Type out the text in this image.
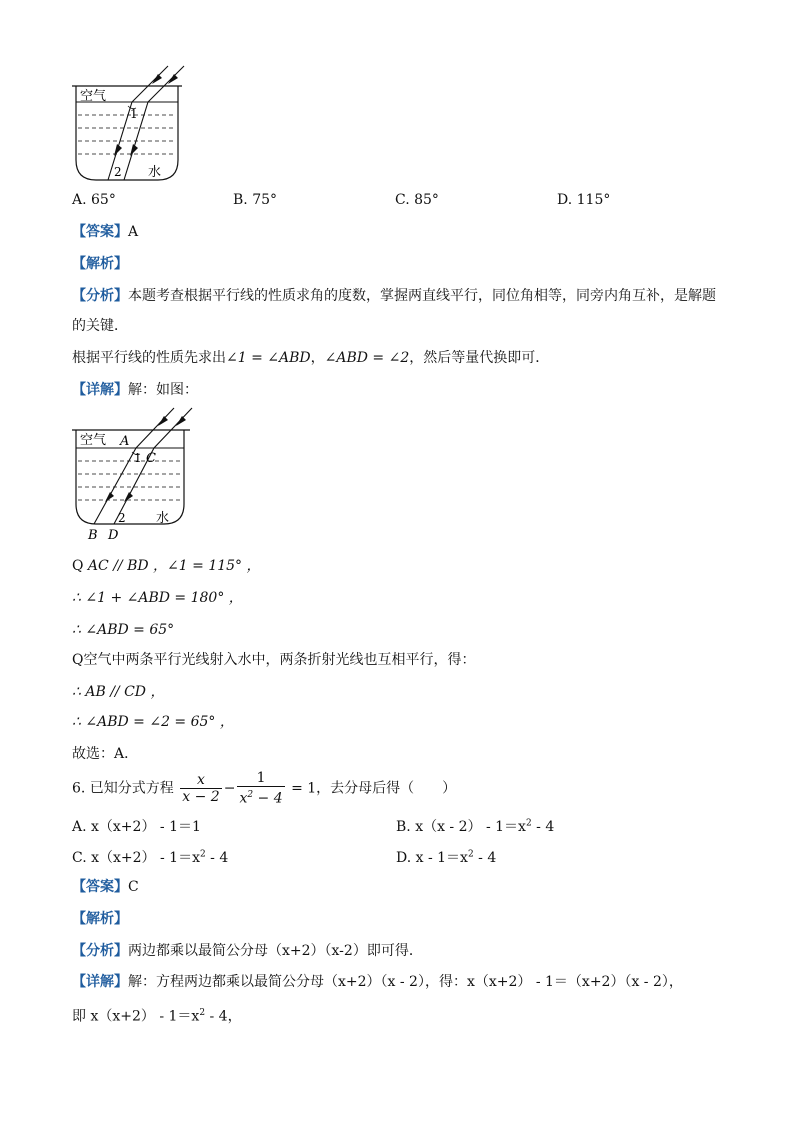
空气
1
2 水
A. 65°	B. 75°	C. 85°	D. 115°
【答案】A
【解析】
【分析】本题考查根据平行线的性质求角的度数，掌握两直线平行，同位角相等，同旁内角互补，是解题
的关键．
根据平行线的性质先求出∠1 = ∠ABD，∠ABD = ∠2，然后等量代换即可．
【详解】解：如图：
空气 A
1 C
2 水
B D
Q AC // BD ，∠1 = 115° ，
∴ ∠1 + ∠ABD = 180° ，
∴ ∠ABD = 65°
Q空气中两条平行光线射入水中，两条折射光线也互相平行，得：
∴ AB // CD ，
∴ ∠ABD = ∠2 = 65° ，
故选：A．
6. 已知分式方程 $\frac{x}{x - 2} - \frac{1}{x^2 - 4} = 1$，去分母后得（　　）
A. x（x+2） - 1＝1	B. $x(x - 2) - 1=x^2 - 4$
C. $x(x+2) - 1=x^2 - 4$	D. $x - 1=x^2 - 4$
【答案】C
【解析】
【分析】两边都乘以最简公分母（x+2）（x-2）即可得．
【详解】解：方程两边都乘以最简公分母（x+2）（x - 2），得：x（x+2） - 1＝（x+2）（x - 2），
即 $x(x+2) - 1=x^2 - 4$，
